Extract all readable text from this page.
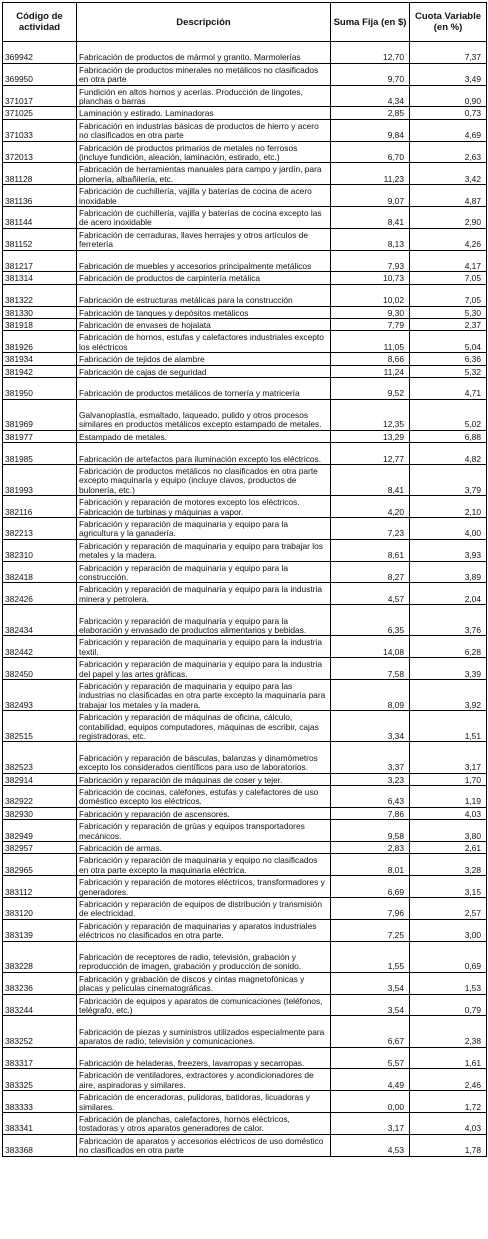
Código de actividad	Descripción	Suma Fija (en $)	Cuota Variable (en %)
369942	Fabricación de productos de mármol y granito. Marmolerías	12,70	7,37
369950	Fabricación de productos minerales no metálicos no clasificados en otra parte	9,70	3,49
371017	Fundición en altos hornos y acerías. Producción de lingotes, planchas o barras	4,34	0,90
371025	Laminación y estirado. Laminadoras	2,85	0,73
371033	Fabricación en industrias básicas de productos de hierro y acero no clasificados en otra parte	9,84	4,69
372013	Fabricación de productos primarios de metales no ferrosos (incluye fundición, aleación, laminación, estirado, etc.)	6,70	2,63
381128	Fabricación de herramientas manuales para campo y jardín, para plomería, albañilería, etc.	11,23	3,42
381136	Fabricación de cuchillería, vajilla y baterías de cocina de acero inoxidable	9,07	4,87
381144	Fabricación de cuchillería, vajilla y baterías de cocina excepto las de acero inoxidable	8,41	2,90
381152	Fabricación de cerraduras, llaves herrajes y otros artículos de ferretería	8,13	4,26
381217	Fabricación de muebles y accesorios principalmente metálicos	7,93	4,17
381314	Fabricación de productos de carpintería metálica	10,73	7,05
381322	Fabricación de estructuras metálicas para la construcción	10,02	7,05
381330	Fabricación de tanques y depósitos metálicos	9,30	5,30
381918	Fabricación de envases de hojalata	7,79	2,37
381926	Fabricación de hornos, estufas y calefactores industriales excepto los eléctricos	11,05	5,04
381934	Fabricación de tejidos de alambre	8,66	6,36
381942	Fabricación de cajas de seguridad	11,24	5,32
381950	Fabricación de productos metálicos de tornería y matricería	9,52	4,71
381969	Galvanoplastía, esmaltado, laqueado, pulido y otros procesos similares en productos metálicos excepto estampado de metales.	12,35	5,02
381977	Estampado de metales.	13,29	6,88
381985	Fabricación de artefactos para iluminación excepto los eléctricos.	12,77	4,82
381993	Fabricación de productos metálicos no clasificados en otra parte excepto maquinaria y equipo (incluye clavos, productos de bulonería, etc.)	8,41	3,79
382116	Fabricación y reparación de motores excepto los eléctricos. Fabricación de turbinas y máquinas a vapor.	4,20	2,10
382213	Fabricación y reparación de maquinaria y equipo para la agricultura y la ganadería.	7,23	4,00
382310	Fabricación y reparación de maquinaria y equipo para trabajar los metales y la madera.	8,61	3,93
382418	Fabricación y reparación de maquinaria y equipo para la construcción.	8,27	3,89
382426	Fabricación y reparación de maquinaria y equipo para la industria minera y petrolera.	4,57	2,04
382434	Fabricación y reparación de maquinaria y equipo para la elaboración y envasado de productos alimentarios y bebidas.	6,35	3,76
382442	Fabricación y reparación de maquinaria y equipo para la industria textil.	14,08	6,28
382450	Fabricación y reparación de maquinaria y equipo para la industria del papel y las artes gráficas.	7,58	3,39
382493	Fabricación y reparación de maquinaria y equipo para las industrias no clasificadas en otra parte excepto la maquinaria para trabajar los metales y la madera.	8,09	3,92
382515	Fabricación y reparación de máquinas de oficina, cálculo, contabilidad, equipos computadores, máquinas de escribir, cajas registradoras, etc.	3,34	1,51
382523	Fabricación y reparación de básculas, balanzas y dinamómetros excepto los considerados científicos para uso de laboratorios.	3,37	3,17
382914	Fabricación y reparación de máquinas de coser y tejer.	3,23	1,70
382922	Fabricación de cocinas, calefones, estufas y calefactores de uso doméstico excepto los eléctricos.	6,43	1,19
382930	Fabricación y reparación de ascensores.	7,86	4,03
382949	Fabricación y reparación de grúas y equipos transportadores mecánicos.	9,58	3,80
382957	Fabricación de armas.	2,83	2,61
382965	Fabricación y reparación de maquinaria y equipo no clasificados en otra parte excepto la maquinaria eléctrica.	8,01	3,28
383112	Fabricación y reparación de motores eléctricos, transformadores y generadores.	6,69	3,15
383120	Fabricación y reparación de equipos de distribución y transmisión de electricidad.	7,96	2,57
383139	Fabricación y reparación de maquinarias y aparatos industriales eléctricos no clasificados en otra parte.	7,25	3,00
383228	Fabricación de receptores de radio, televisión, grabación y reproducción de imagen, grabación y producción de sonido.	1,55	0,69
383236	Fabricación y grabación de discos y cintas magnetofónicas y placas y películas cinematográficas.	3,54	1,53
383244	Fabricación de equipos y aparatos de comunicaciones (teléfonos, telégrafo, etc.)	3,54	0,79
383252	Fabricación de piezas y suministros utilizados especialmente para aparatos de radio, televisión y comunicaciones.	6,67	2,38
383317	Fabricación de heladeras, freezers, lavarropas y secarropas.	5,57	1,61
383325	Fabricación de ventiladores, extractores y acondicionadores de aire, aspiradoras y similares.	4,49	2,46
383333	Fabricación de enceradoras, pulidoras, batidoras, licuadoras y similares.	0,00	1,72
383341	Fabricación de planchas, calefactores, hornos eléctricos, tostadoras y otros aparatos generadores de calor.	3,17	4,03
383368	Fabricación de aparatos y accesorios eléctricos de uso doméstico no clasificados en otra parte	4,53	1,78
